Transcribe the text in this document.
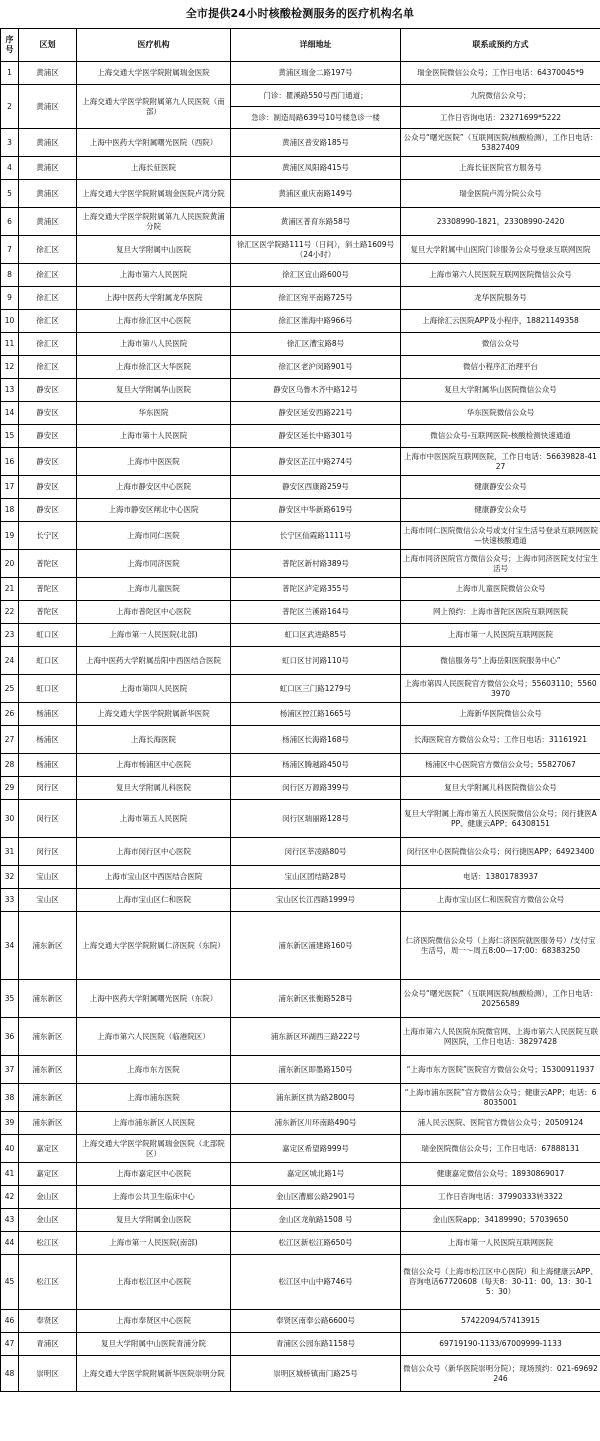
全市提供24小时核酸检测服务的医疗机构名单
序号	区划	医疗机构	详细地址	联系或预约方式
1	黄浦区	上海交通大学医学院附属瑞金医院	黄浦区瑞金二路197号	瑞金医院微信公众号；工作日电话：64370045*9
2	黄浦区	上海交通大学医学院附属第九人民医院（南部）	门诊：瞿溪路550号西门通道；
急诊：制造局路639号10号楼急诊一楼	九院微信公众号；
工作日咨询电话：23271699*5222

3	黄浦区	上海中医药大学附属曙光医院（西院）	黄浦区普安路185号	公众号“曙光医院”（互联网医院/核酸检测），工作日电话：53827409
4	黄浦区	上海长征医院	黄浦区凤阳路415号	上海长征医院官方服务号
5	黄浦区	上海交通大学医学院附属瑞金医院卢湾分院	黄浦区重庆南路149号	瑞金医院卢湾分院公众号
6	黄浦区	上海交通大学医学院附属第九人民医院黄浦分院	黄浦区普育东路58号	23308990-1821，23308990-2420
7	徐汇区	复旦大学附属中山医院	徐汇区医学院路111号（日间），斜土路1609号（24小时）	复旦大学附属中山医院门诊服务公众号登录互联网医院
8	徐汇区	上海市第六人民医院	徐汇区宜山路600号	上海市第六人民医院互联网医院微信公众号
9	徐汇区	上海中医药大学附属龙华医院	徐汇区宛平南路725号	龙华医院服务号
10	徐汇区	上海市徐汇区中心医院	徐汇区淮海中路966号	上海徐汇云医院APP及小程序，18821149358
11	徐汇区	上海市第八人民医院	徐汇区漕宝路8号	微信公众号
12	徐汇区	上海市徐汇区大华医院	徐汇区老沪闵路901号	微信小程序汇治理平台
13	静安区	复旦大学附属华山医院	静安区乌鲁木齐中路12号	复旦大学附属华山医院微信公众号
14	静安区	华东医院	静安区延安西路221号	华东医院微信公众号
15	静安区	上海市第十人民医院	静安区延长中路301号	微信公众号-互联网医院-核酸检测快速通道
16	静安区	上海市中医医院	静安区芷江中路274号	上海市中医医院互联网医院，工作日电话：56639828-4127
17	静安区	上海市静安区中心医院	静安区西康路259号	健康静安公众号
18	静安区	上海市静安区闸北中心医院	静安区中华新路619号	健康静安公众号
19	长宁区	上海市同仁医院	长宁区仙霞路1111号	上海市同仁医院微信公众号或支付宝生活号登录互联网医院—快速核酸通道
20	普陀区	上海市同济医院	普陀区新村路389号	上海市同济医院官方微信公众号；上海市同济医院支付宝生活号
21	普陀区	上海市儿童医院	普陀区泸定路355号	上海市儿童医院微信公众号
22	普陀区	上海市普陀区中心医院	普陀区兰溪路164号	网上预约：上海市普陀区医院互联网医院
23	虹口区	上海市第一人民医院(北部)	虹口区武进路85号	上海市第一人民医院互联网医院
24	虹口区	上海中医药大学附属岳阳中西医结合医院	虹口区甘河路110号	微信服务号“上海岳阳医院服务中心”
25	虹口区	上海市第四人民医院	虹口区三门路1279号	上海市第四人民医院官方微信公众号；55603110；55603970
26	杨浦区	上海交通大学医学院附属新华医院	杨浦区控江路1665号	上海新华医院微信公众号
27	杨浦区	上海长海医院	杨浦区长海路168号	长海医院官方微信公众号；工作日电话：31161921
28	杨浦区	上海市杨浦区中心医院	杨浦区腾越路450号	杨浦区中心医院官方微信公众号；55827067
29	闵行区	复旦大学附属儿科医院	闵行区万源路399号	复旦大学附属儿科医院微信公众号
30	闵行区	上海市第五人民医院	闵行区瑞丽路128号	复旦大学附属上海市第五人民医院微信公众号；闵行捷医APP、健康云APP；64308151
31	闵行区	上海市闵行区中心医院	闵行区莘凌路80号	闵行区中心医院微信公众号；闵行捷医APP；64923400
32	宝山区	上海市宝山区中西医结合医院	宝山区团结路28号	电话：13801783937
33	宝山区	上海市宝山区仁和医院	宝山区长江西路1999号	上海市宝山区仁和医院官方微信公众号
34	浦东新区	上海交通大学医学院附属仁济医院（东院）	浦东新区浦建路160号	仁济医院微信公众号（上海仁济医院就医服务号）/支付宝生活号，周一～周五8:00—17:00：68383250
35	浦东新区	上海中医药大学附属曙光医院（东院）	浦东新区张衡路528号	公众号“曙光医院”（互联网医院/核酸检测），工作日电话：20256589
36	浦东新区	上海市第六人民医院（临港院区）	浦东新区环湖西三路222号	上海市第六人民医院东院微官网、上海市第六人民医院互联网医院，工作日电话：38297428
37	浦东新区	上海市东方医院	浦东新区即墨路150号	“上海市东方医院”医院官方微信公众号；15300911937
38	浦东新区	上海市浦东医院	浦东新区拱为路2800号	“上海市浦东医院”官方微信公众号；健康云APP；电话：68035001
39	浦东新区	上海市浦东新区人民医院	浦东新区川环南路490号	浦人民云医院、医院官方微信公众号；20509124
40	嘉定区	上海交通大学医学院附属瑞金医院（北部院区）	嘉定区希望路999号	瑞金医院微信公众号；工作日电话：67888131
41	嘉定区	上海市嘉定区中心医院	嘉定区城北路1号	健康嘉定微信公众号；18930869017
42	金山区	上海市公共卫生临床中心	金山区漕廊公路2901号	工作日咨询电话：37990333转3322
43	金山区	复旦大学附属金山医院	金山区龙航路1508 号	金山医院app；34189990；57039650
44	松江区	上海市第一人民医院(南部)	松江区新松江路650号	上海市第一人民医院互联网医院
45	松江区	上海市松江区中心医院	松江区中山中路746号	微信公众号（上海市松江区中心医院）和上海健康云APP、咨询电话67720608（每天8：30-11：00，13：30-15：30）
46	奉贤区	上海市奉贤区中心医院	奉贤区南奉公路6600号	57422094/57413915
47	青浦区	复旦大学附属中山医院青浦分院	青浦区公园东路1158号	69719190-1133/67009999-1133
48	崇明区	上海交通大学医学院附属新华医院崇明分院	崇明区城桥镇南门路25号	微信公众号（新华医院崇明分院）；现场预约：021-69692246
